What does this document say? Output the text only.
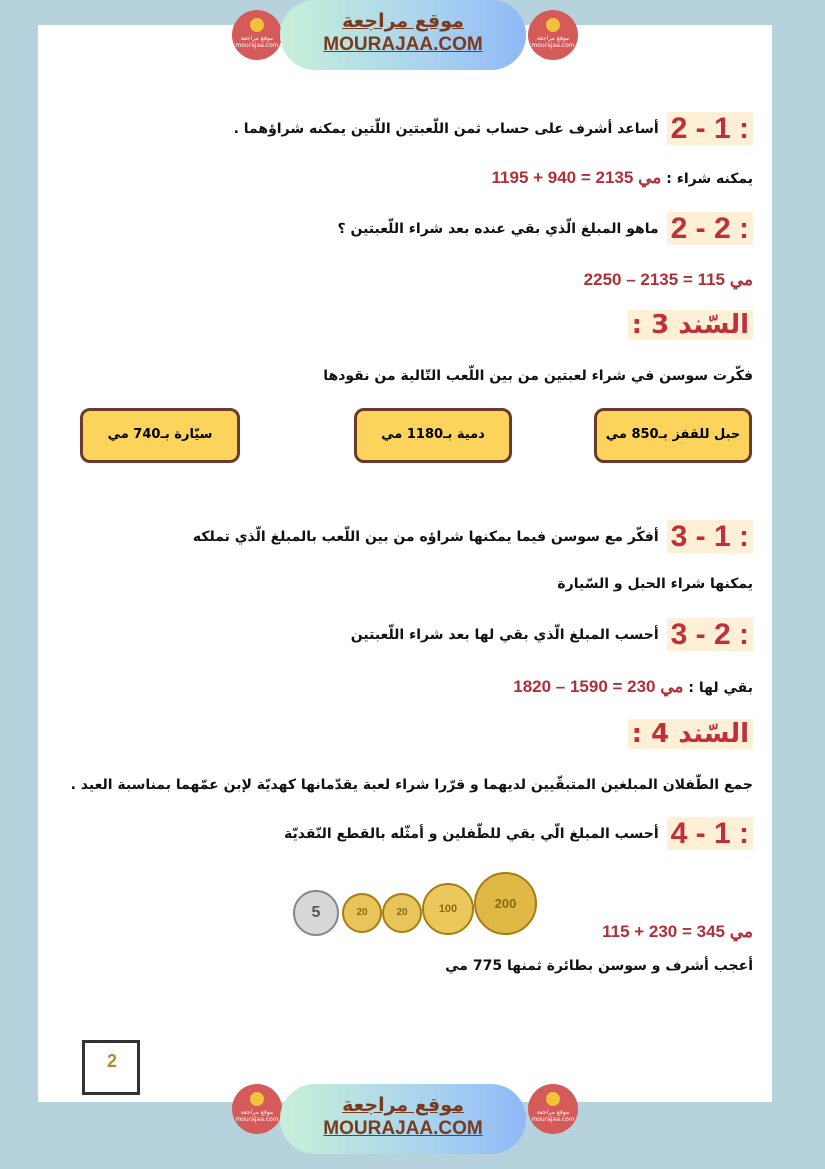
موقع مراجعة mourajaa.com
موقع مراجعة mourajaa.com
موقع مراجعة
MOURAJAA.COM
2 - 1 :أساعد أشرف على حساب ثمن اللّعبتين اللّتين يمكنه شراؤهما .
يمكنه شراء : 1195 + 940 = 2135 مي
2 - 2 :ماهو المبلغ الّذي بقي عنده بعد شراء اللّعبتين ؟
2250 – 2135 = 115 مي
السّند 3 :
فكّرت سوسن في شراء لعبتين من بين اللّعب التّالية من نقودها
حبل للقفز بـ850 مي
دمية بـ1180 مي
سيّارة بـ740 مي
3 - 1 :أفكّر مع سوسن فيما يمكنها شراؤه من بين اللّعب بالمبلغ الّذي تملكه
يمكنها شراء الحبل و السّيارة
3 - 2 :أحسب المبلغ الّذي بقي لها بعد شراء اللّعبتين
بقي لها : 1820 – 1590 = 230 مي
السّند 4 :
جمع الطّفلان المبلغين المتبقّيين لديهما و قرّرا شراء لعبة يقدّمانها كهديّة لإبن عمّهما بمناسبة العيد .
4 - 1 :أحسب المبلغ الّي بقي للطّفلين و أمثّله بالقطع النّقديّة
5	20	20	100	200
115 + 230 = 345 مي
أعجب أشرف و سوسن بطائرة ثمنها 775 مي
2
موقع مراجعة mourajaa.com
موقع مراجعة mourajaa.com
موقع مراجعة
MOURAJAA.COM
